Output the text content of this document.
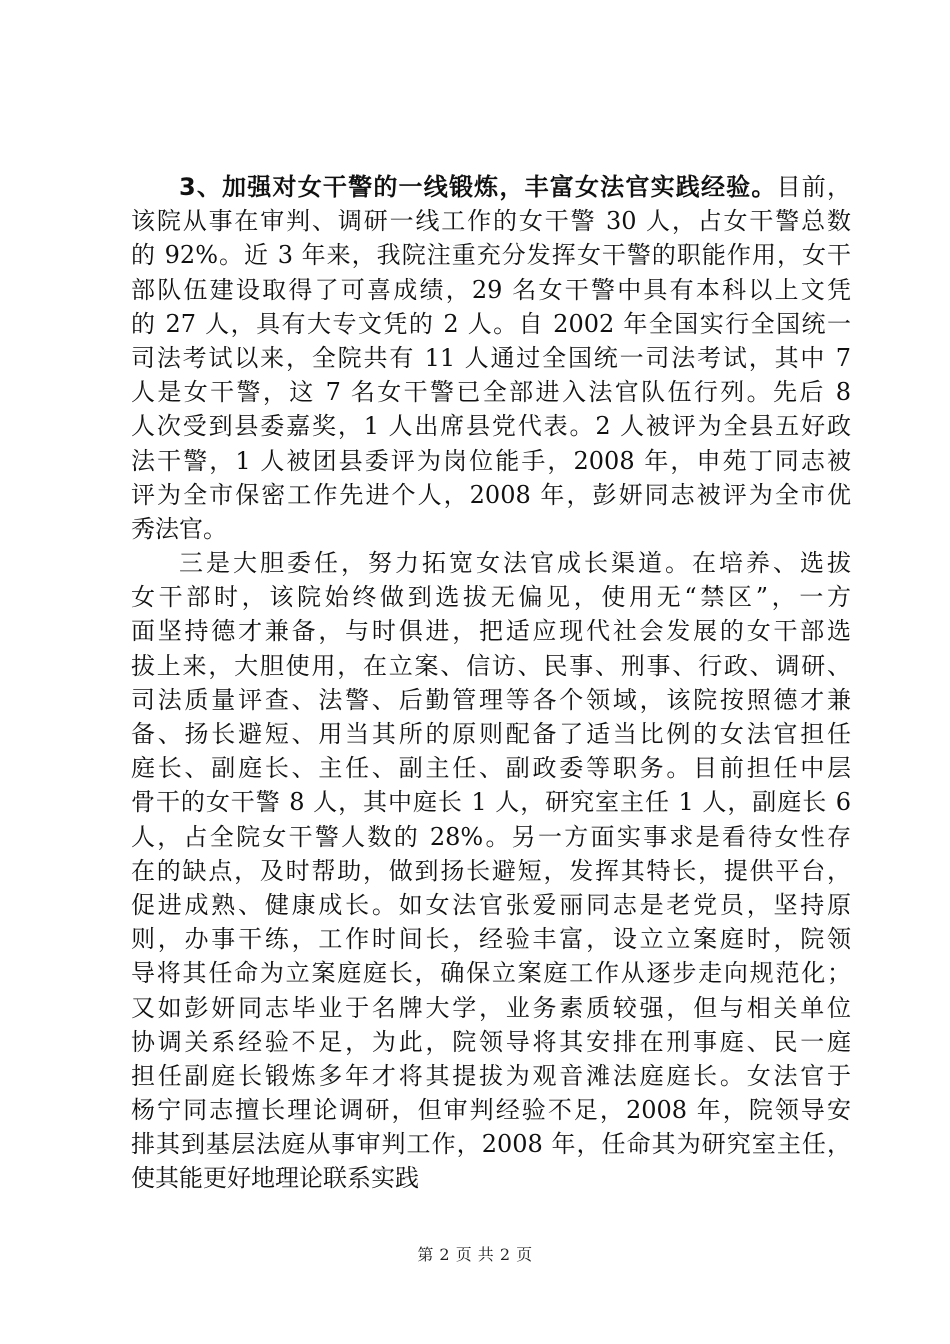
3、加强对女干警的一线锻炼，丰富女法官实践经验。目前，
该院从事在审判、调研一线工作的女干警 30 人，占女干警总数
的 92%。近 3 年来，我院注重充分发挥女干警的职能作用，女干
部队伍建设取得了可喜成绩，29 名女干警中具有本科以上文凭
的 27 人，具有大专文凭的 2 人。自 2002 年全国实行全国统一
司法考试以来，全院共有 11 人通过全国统一司法考试，其中 7
人是女干警，这 7 名女干警已全部进入法官队伍行列。先后 8
人次受到县委嘉奖，1 人出席县党代表。2 人被评为全县五好政
法干警，1 人被团县委评为岗位能手，2008 年，申苑丁同志被
评为全市保密工作先进个人，2008 年，彭妍同志被评为全市优
秀法官。
三是大胆委任，努力拓宽女法官成长渠道。在培养、选拔
女干部时，该院始终做到选拔无偏见，使用无“禁区”，一方
面坚持德才兼备，与时俱进，把适应现代社会发展的女干部选
拔上来，大胆使用，在立案、信访、民事、刑事、行政、调研、
司法质量评查、法警、后勤管理等各个领域，该院按照德才兼
备、扬长避短、用当其所的原则配备了适当比例的女法官担任
庭长、副庭长、主任、副主任、副政委等职务。目前担任中层
骨干的女干警 8 人，其中庭长 1 人，研究室主任 1 人，副庭长 6
人，占全院女干警人数的 28%。另一方面实事求是看待女性存
在的缺点，及时帮助，做到扬长避短，发挥其特长，提供平台，
促进成熟、健康成长。如女法官张爱丽同志是老党员，坚持原
则，办事干练，工作时间长，经验丰富，设立立案庭时，院领
导将其任命为立案庭庭长，确保立案庭工作从逐步走向规范化；
又如彭妍同志毕业于名牌大学，业务素质较强，但与相关单位
协调关系经验不足，为此，院领导将其安排在刑事庭、民一庭
担任副庭长锻炼多年才将其提拔为观音滩法庭庭长。女法官于
杨宁同志擅长理论调研，但审判经验不足，2008 年，院领导安
排其到基层法庭从事审判工作，2008 年，任命其为研究室主任，
使其能更好地理论联系实践
第 2 页 共 2 页
